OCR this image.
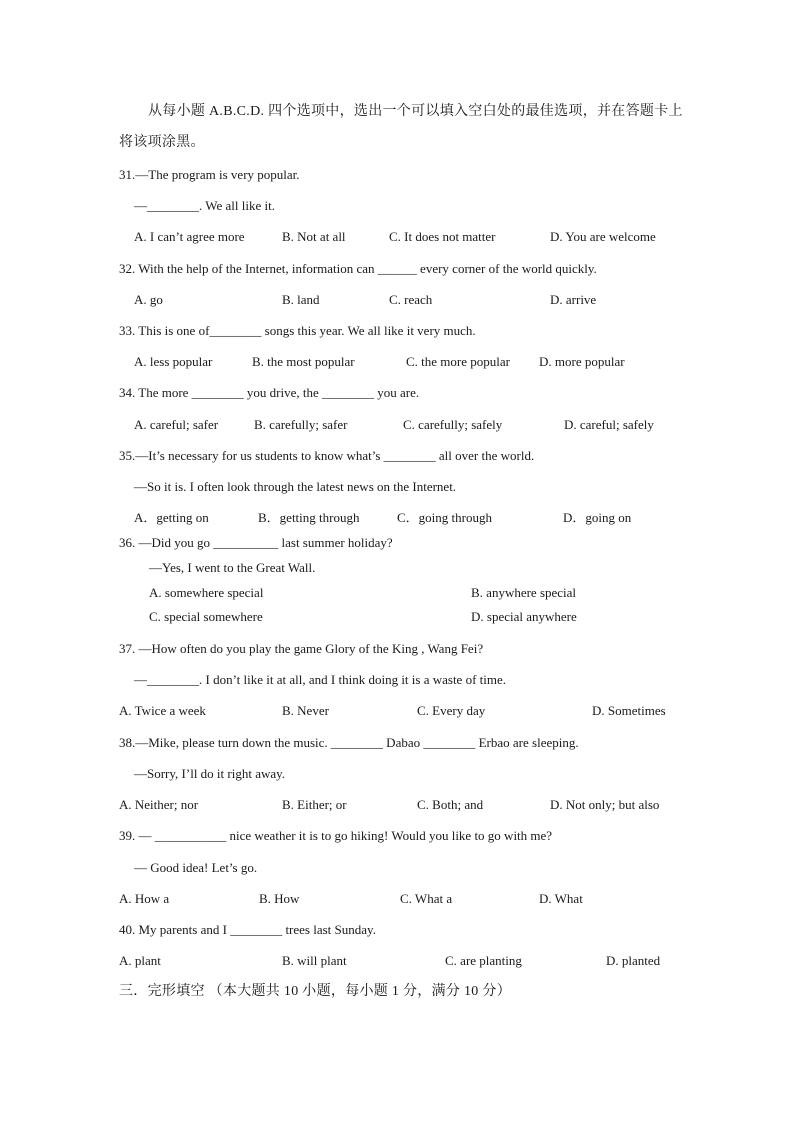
从每小题 A.B.C.D. 四个选项中，选出一个可以填入空白处的最佳选项，并在答题卡上
将该项涂黑。
31.—The program is very popular.
—________. We all like it.
A. I can’t agree more	B. Not at all	C. It does not matter	D. You are welcome
32. With the help of the Internet, information can ______ every corner of the world quickly.
A. go	B. land	C. reach	D. arrive
33. This is one of________ songs this year. We all like it very much.
A. less popular	B. the most popular	C. the more popular D. more popular
34. The more ________ you drive, the ________ you are.
A. careful; safer	B. carefully; safer	C. carefully; safely	D. careful; safely
35.—It’s necessary for us students to know what’s ________ all over the world.
—So it is. I often look through the latest news on the Internet.
A．getting on	B．getting through	C．going through	D．going on
36. —Did you go __________ last summer holiday?
—Yes, I went to the Great Wall.
A. somewhere special	B. anywhere special
C. special somewhere	D. special anywhere
37. —How often do you play the game Glory of the King , Wang Fei?
—________. I don’t like it at all, and I think doing it is a waste of time.
A. Twice a week	B. Never	C. Every day	D. Sometimes
38.—Mike, please turn down the music. ________ Dabao ________ Erbao are sleeping.
—Sorry, I’ll do it right away.
A. Neither; nor	B. Either; or	C. Both; and	D. Not only; but also
39. — ___________ nice weather it is to go hiking! Would you like to go with me?
— Good idea! Let’s go.
A. How a	B. How	C. What a	D. What
40. My parents and I ________ trees last Sunday.
A. plant	B. will plant	C. are planting	D. planted
三．完形填空 （本大题共 10 小题，每小题 1 分，满分 10 分）
